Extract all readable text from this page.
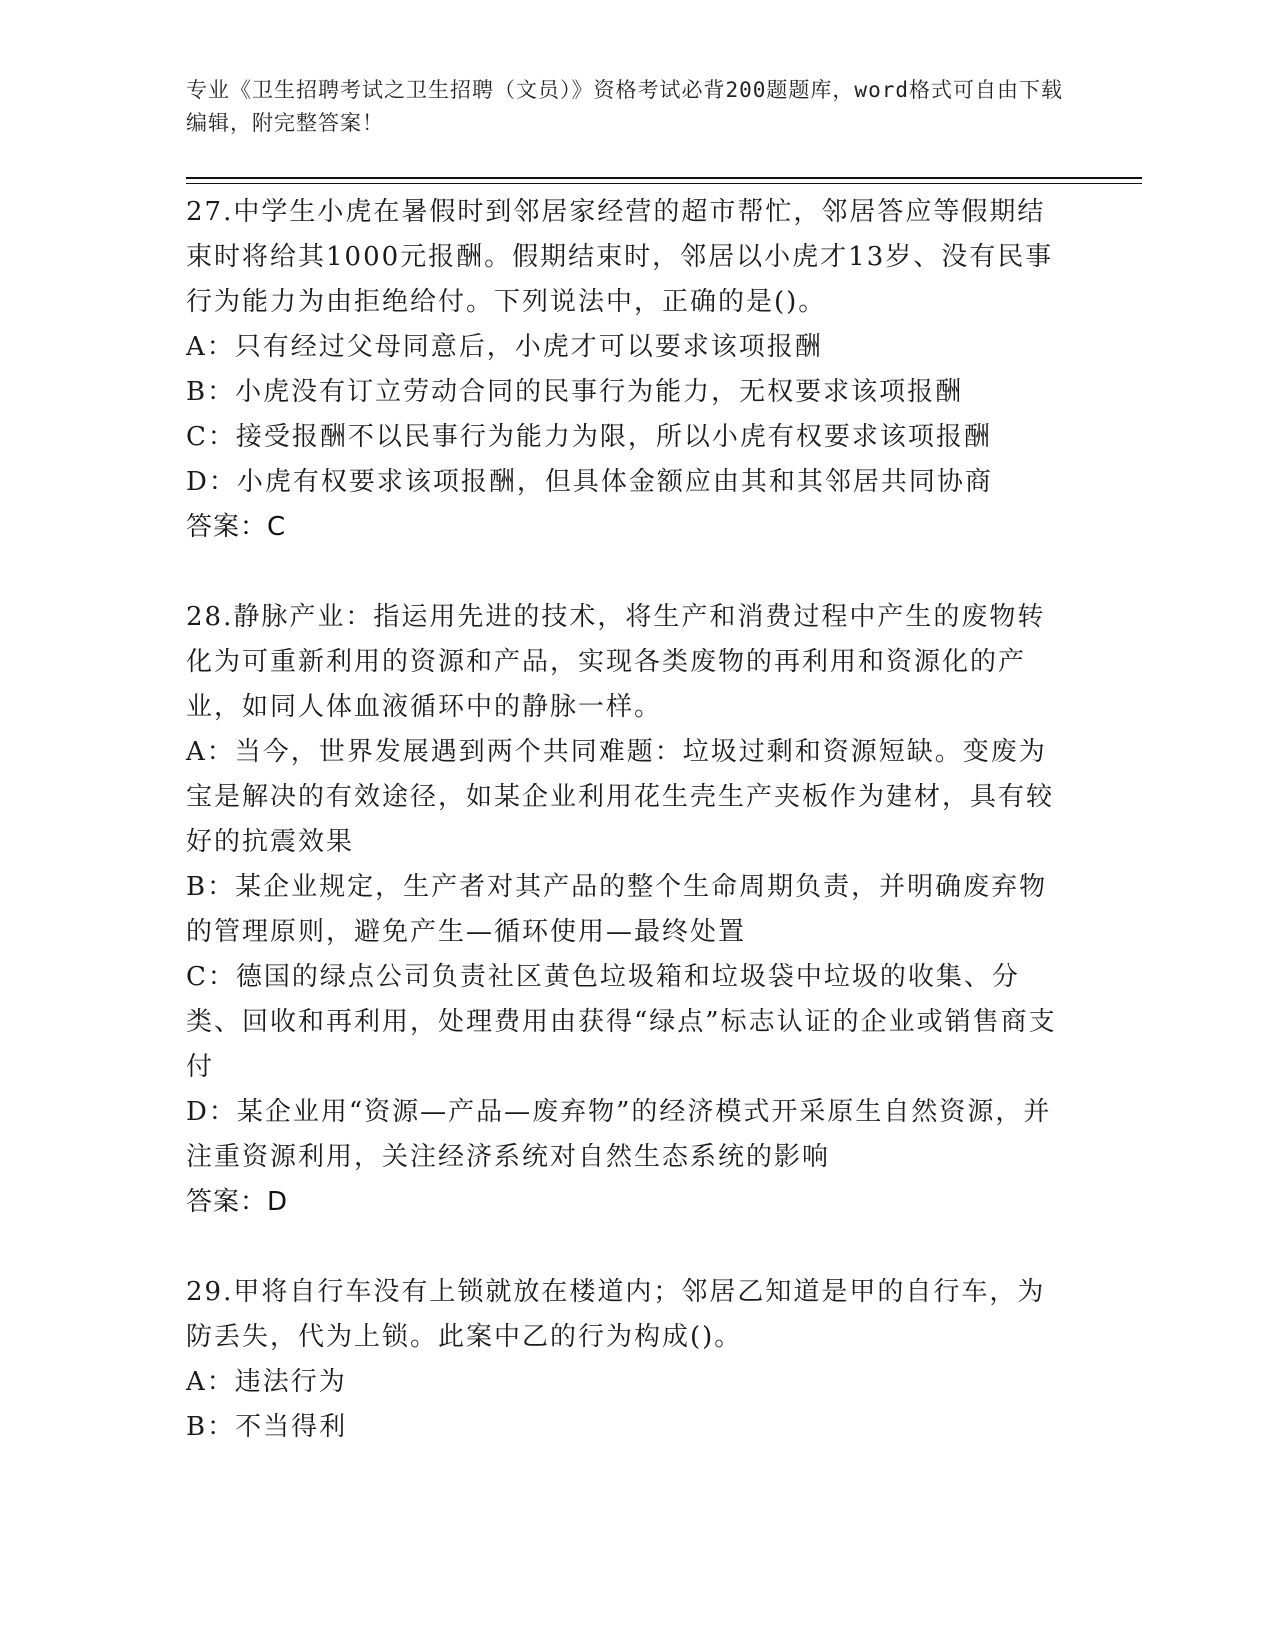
专业《卫生招聘考试之卫生招聘（文员）》资格考试必背200题题库，word格式可自由下载编辑，附完整答案！
27.中学生小虎在暑假时到邻居家经营的超市帮忙，邻居答应等假期结束时将给其1000元报酬。假期结束时，邻居以小虎才13岁、没有民事行为能力为由拒绝给付。下列说法中，正确的是()。
A：只有经过父母同意后，小虎才可以要求该项报酬
B：小虎没有订立劳动合同的民事行为能力，无权要求该项报酬
C：接受报酬不以民事行为能力为限，所以小虎有权要求该项报酬
D：小虎有权要求该项报酬，但具体金额应由其和其邻居共同协商
答案：C
28.静脉产业：指运用先进的技术，将生产和消费过程中产生的废物转化为可重新利用的资源和产品，实现各类废物的再利用和资源化的产业，如同人体血液循环中的静脉一样。
A：当今，世界发展遇到两个共同难题：垃圾过剩和资源短缺。变废为宝是解决的有效途径，如某企业利用花生壳生产夹板作为建材，具有较好的抗震效果
B：某企业规定，生产者对其产品的整个生命周期负责，并明确废弃物的管理原则，避免产生—循环使用—最终处置
C：德国的绿点公司负责社区黄色垃圾箱和垃圾袋中垃圾的收集、分类、回收和再利用，处理费用由获得“绿点”标志认证的企业或销售商支付
D：某企业用“资源—产品—废弃物”的经济模式开采原生自然资源，并注重资源利用，关注经济系统对自然生态系统的影响
答案：D
29.甲将自行车没有上锁就放在楼道内；邻居乙知道是甲的自行车，为防丢失，代为上锁。此案中乙的行为构成()。
A：违法行为
B：不当得利
